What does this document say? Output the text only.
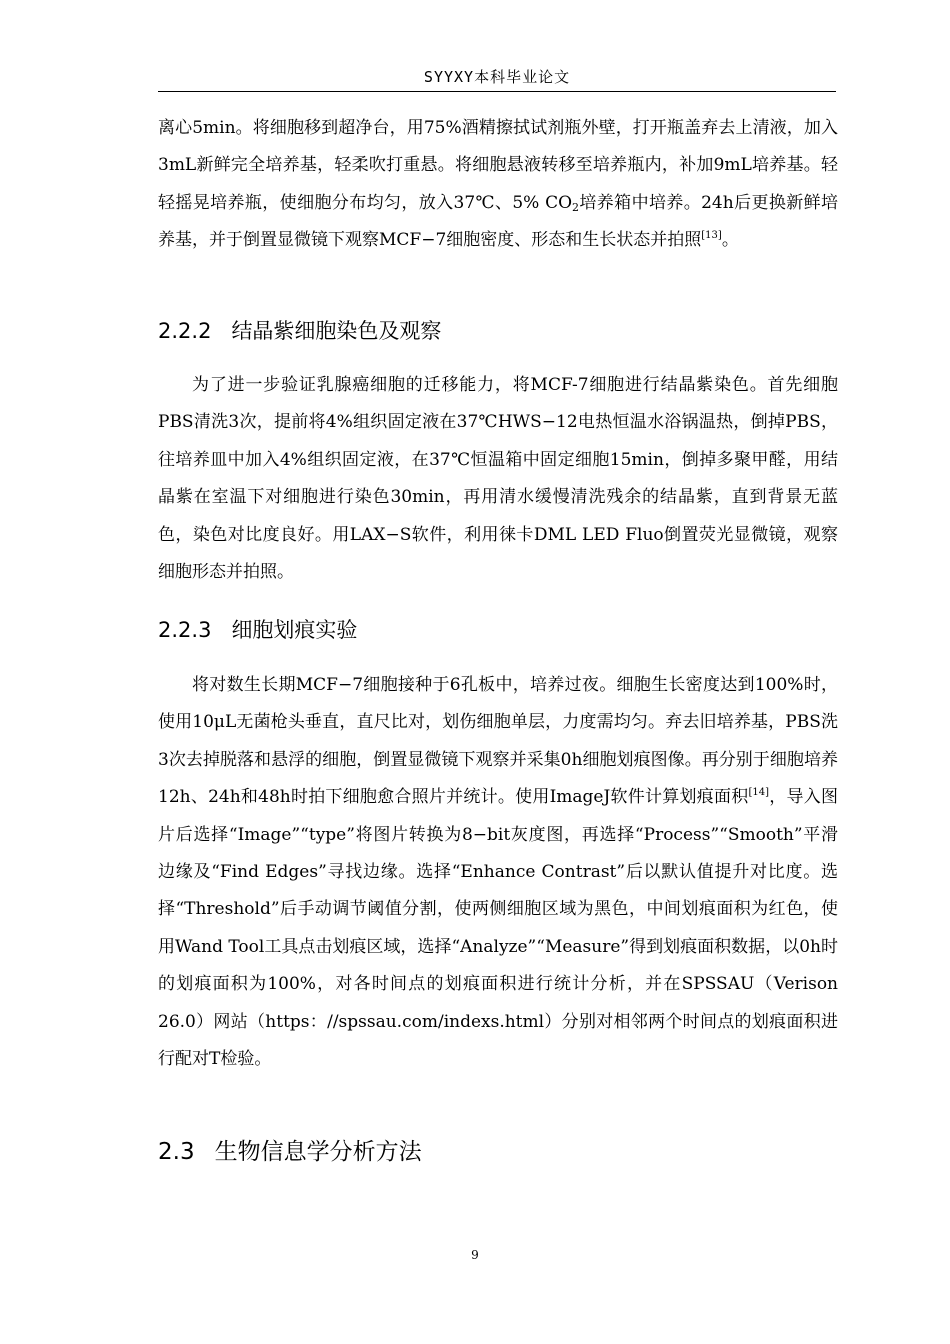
SYYXY本科毕业论文

离心5min。将细胞移到超净台，用75%酒精擦拭试剂瓶外壁，打开瓶盖弃去上清液，加入3mL新鲜完全培养基，轻柔吹打重悬。将细胞悬液转移至培养瓶内，补加9mL培养基。轻轻摇晃培养瓶，使细胞分布均匀，放入37℃、5% $CO_2$培养箱中培养。24h后更换新鲜培养基，并于倒置显微镜下观察MCF−7细胞密度、形态和生长状态并拍照[13]。

2.2.2 结晶紫细胞染色及观察

为了进一步验证乳腺癌细胞的迁移能力，将MCF-7细胞进行结晶紫染色。首先细胞PBS清洗3次，提前将4%组织固定液在37℃HWS−12电热恒温水浴锅温热，倒掉PBS，往培养皿中加入4%组织固定液，在37℃恒温箱中固定细胞15min，倒掉多聚甲醛，用结晶紫在室温下对细胞进行染色30min，再用清水缓慢清洗残余的结晶紫，直到背景无蓝色，染色对比度良好。用LAX−S软件，利用徕卡DML LED Fluo倒置荧光显微镜，观察细胞形态并拍照。

2.2.3 细胞划痕实验

将对数生长期MCF−7细胞接种于6孔板中，培养过夜。细胞生长密度达到100%时，使用10μL无菌枪头垂直，直尺比对，划伤细胞单层，力度需均匀。弃去旧培养基，PBS洗3次去掉脱落和悬浮的细胞，倒置显微镜下观察并采集0h细胞划痕图像。再分别于细胞培养12h、24h和48h时拍下细胞愈合照片并统计。使用ImageJ软件计算划痕面积[14]，导入图片后选择“Image”“type”将图片转换为8−bit灰度图，再选择“Process”“Smooth”平滑边缘及“Find Edges”寻找边缘。选择“Enhance Contrast”后以默认值提升对比度。选择“Threshold”后手动调节阈值分割，使两侧细胞区域为黑色，中间划痕面积为红色，使用Wand Tool工具点击划痕区域，选择“Analyze”“Measure”得到划痕面积数据，以0h时的划痕面积为100%，对各时间点的划痕面积进行统计分析，并在SPSSAU（Verison 26.0）网站（https：//spssau.com/indexs.html）分别对相邻两个时间点的划痕面积进行配对T检验。

2.3 生物信息学分析方法
9
